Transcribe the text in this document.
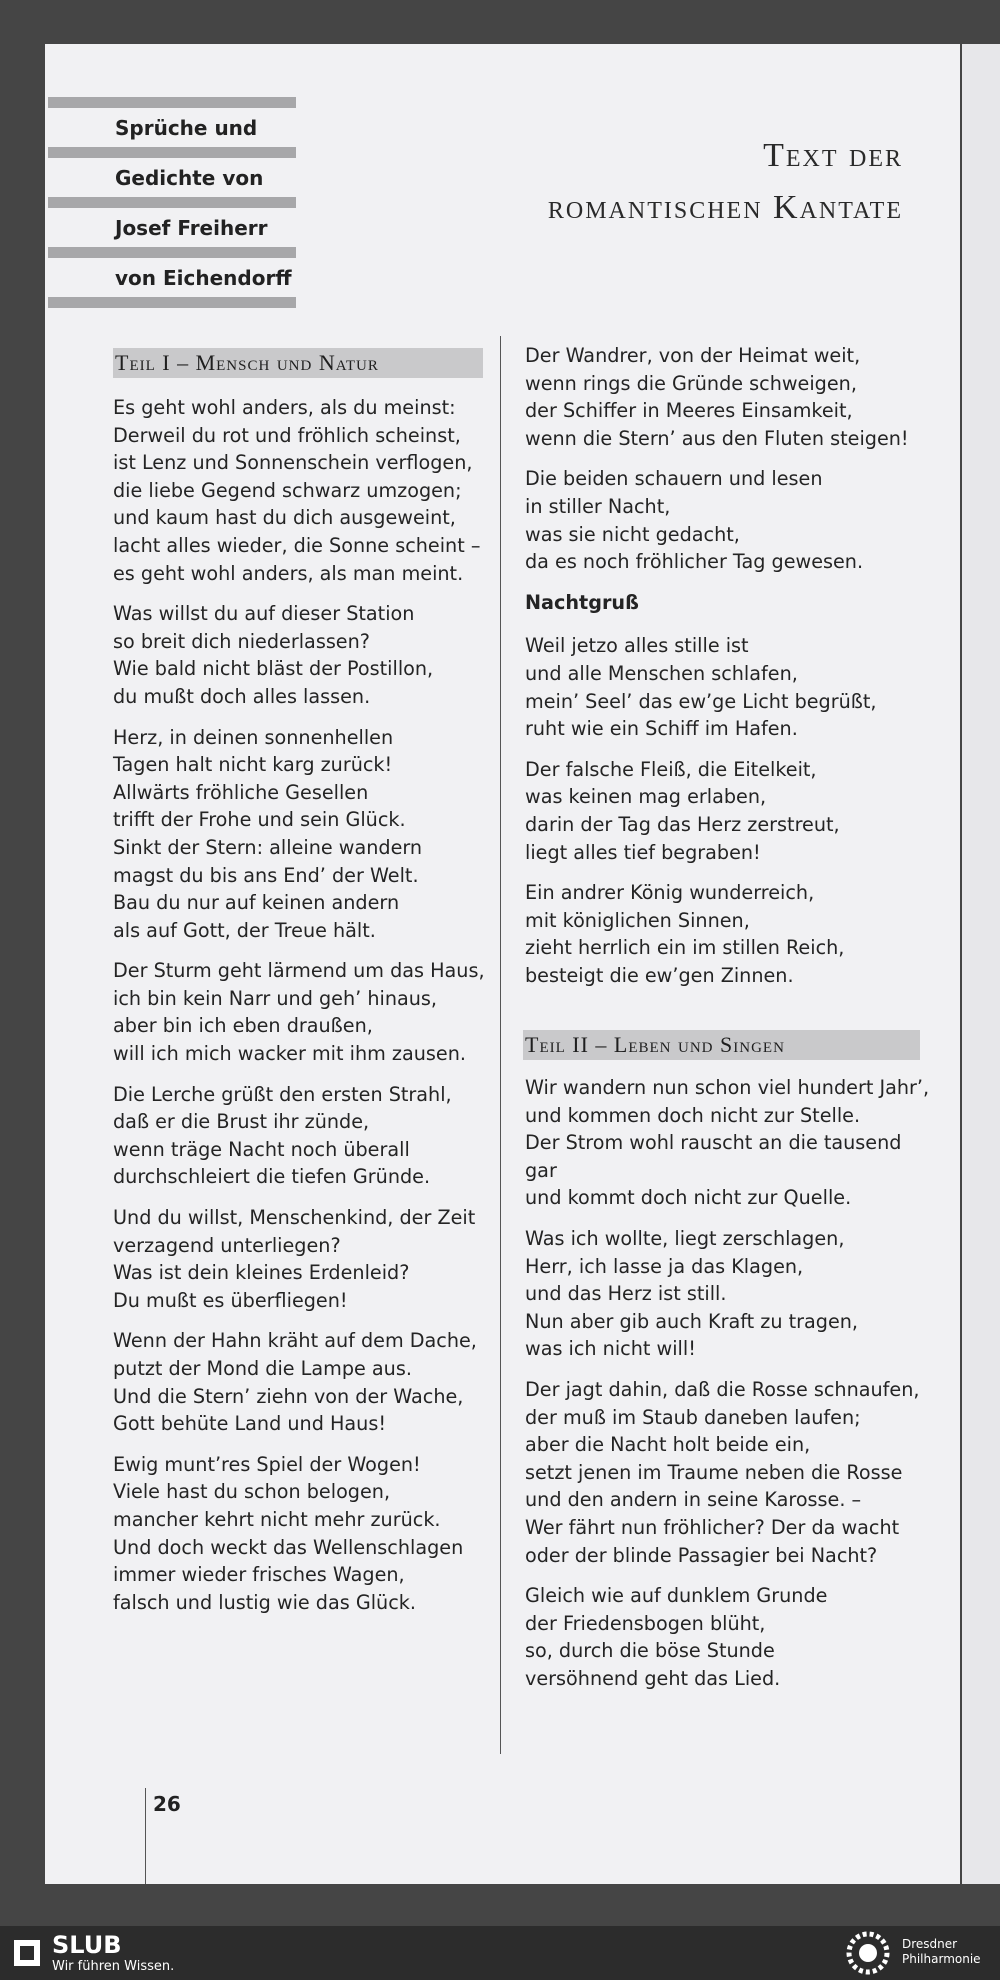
Sprüche und
Gedichte von
Josef Freiherr
von Eichendorff
Text der
romantischen Kantate
Teil I – Mensch und Natur
Es geht wohl anders, als du meinst:
Derweil du rot und fröhlich scheinst,
ist Lenz und Sonnenschein verflogen,
die liebe Gegend schwarz umzogen;
und kaum hast du dich ausgeweint,
lacht alles wieder, die Sonne scheint –
es geht wohl anders, als man meint.
Was willst du auf dieser Station
so breit dich niederlassen?
Wie bald nicht bläst der Postillon,
du mußt doch alles lassen.
Herz, in deinen sonnenhellen
Tagen halt nicht karg zurück!
Allwärts fröhliche Gesellen
trifft der Frohe und sein Glück.
Sinkt der Stern: alleine wandern
magst du bis ans End’ der Welt.
Bau du nur auf keinen andern
als auf Gott, der Treue hält.
Der Sturm geht lärmend um das Haus,
ich bin kein Narr und geh’ hinaus,
aber bin ich eben draußen,
will ich mich wacker mit ihm zausen.
Die Lerche grüßt den ersten Strahl,
daß er die Brust ihr zünde,
wenn träge Nacht noch überall
durchschleiert die tiefen Gründe.
Und du willst, Menschenkind, der Zeit
verzagend unterliegen?
Was ist dein kleines Erdenleid?
Du mußt es überfliegen!
Wenn der Hahn kräht auf dem Dache,
putzt der Mond die Lampe aus.
Und die Stern’ ziehn von der Wache,
Gott behüte Land und Haus!
Ewig munt’res Spiel der Wogen!
Viele hast du schon belogen,
mancher kehrt nicht mehr zurück.
Und doch weckt das Wellenschlagen
immer wieder frisches Wagen,
falsch und lustig wie das Glück.
Der Wandrer, von der Heimat weit,
wenn rings die Gründe schweigen,
der Schiffer in Meeres Einsamkeit,
wenn die Stern’ aus den Fluten steigen!
Die beiden schauern und lesen
in stiller Nacht,
was sie nicht gedacht,
da es noch fröhlicher Tag gewesen.
Nachtgruß
Weil jetzo alles stille ist
und alle Menschen schlafen,
mein’ Seel’ das ew’ge Licht begrüßt,
ruht wie ein Schiff im Hafen.
Der falsche Fleiß, die Eitelkeit,
was keinen mag erlaben,
darin der Tag das Herz zerstreut,
liegt alles tief begraben!
Ein andrer König wunderreich,
mit königlichen Sinnen,
zieht herrlich ein im stillen Reich,
besteigt die ew’gen Zinnen.
Teil II – Leben und Singen
Wir wandern nun schon viel hundert Jahr’,
und kommen doch nicht zur Stelle.
Der Strom wohl rauscht an die tausend gar
und kommt doch nicht zur Quelle.
Was ich wollte, liegt zerschlagen,
Herr, ich lasse ja das Klagen,
und das Herz ist still.
Nun aber gib auch Kraft zu tragen,
was ich nicht will!
Der jagt dahin, daß die Rosse schnaufen,
der muß im Staub daneben laufen;
aber die Nacht holt beide ein,
setzt jenen im Traume neben die Rosse
und den andern in seine Karosse. –
Wer fährt nun fröhlicher? Der da wacht
oder der blinde Passagier bei Nacht?
Gleich wie auf dunklem Grunde
der Friedensbogen blüht,
so, durch die böse Stunde
versöhnend geht das Lied.
26
SLUB
Wir führen Wissen.
Dresdner
Philharmonie
